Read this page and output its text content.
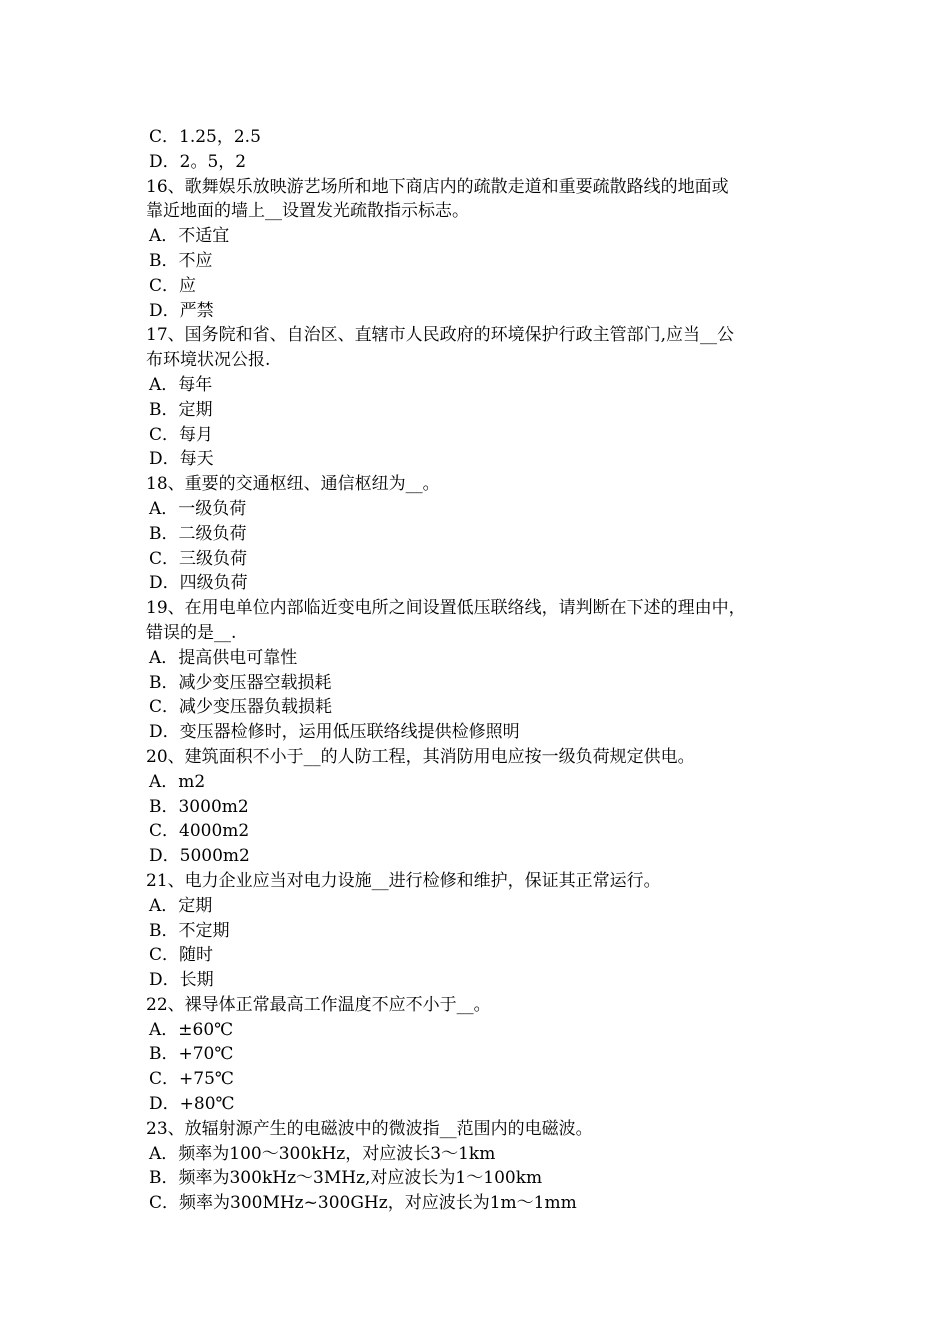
C．1.25，2.5
D．2。5，2
16、歌舞娱乐放映游艺场所和地下商店内的疏散走道和重要疏散路线的地面或
靠近地面的墙上__设置发光疏散指示标志。
A．不适宜
B．不应
C．应
D．严禁
17、国务院和省、自治区、直辖市人民政府的环境保护行政主管部门,应当__公
布环境状况公报.
A．每年
B．定期
C．每月
D．每天
18、重要的交通枢纽、通信枢纽为__。
A．一级负荷
B．二级负荷
C．三级负荷
D．四级负荷
19、在用电单位内部临近变电所之间设置低压联络线，请判断在下述的理由中，
错误的是__.
A．提高供电可靠性
B．减少变压器空载损耗
C．减少变压器负载损耗
D．变压器检修时，运用低压联络线提供检修照明
20、建筑面积不小于__的人防工程，其消防用电应按一级负荷规定供电。
A．m2
B．3000m2
C．4000m2
D．5000m2
21、电力企业应当对电力设施__进行检修和维护，保证其正常运行。
A．定期
B．不定期
C．随时
D．长期
22、裸导体正常最高工作温度不应不小于__。
A．±60℃
B．+70℃
C．+75℃
D．+80℃
23、放辐射源产生的电磁波中的微波指__范围内的电磁波。
A．频率为100～300kHz，对应波长3～1km
B．频率为300kHz～3MHz,对应波长为1～100km
C．频率为300MHz~300GHz，对应波长为1m～1mm
